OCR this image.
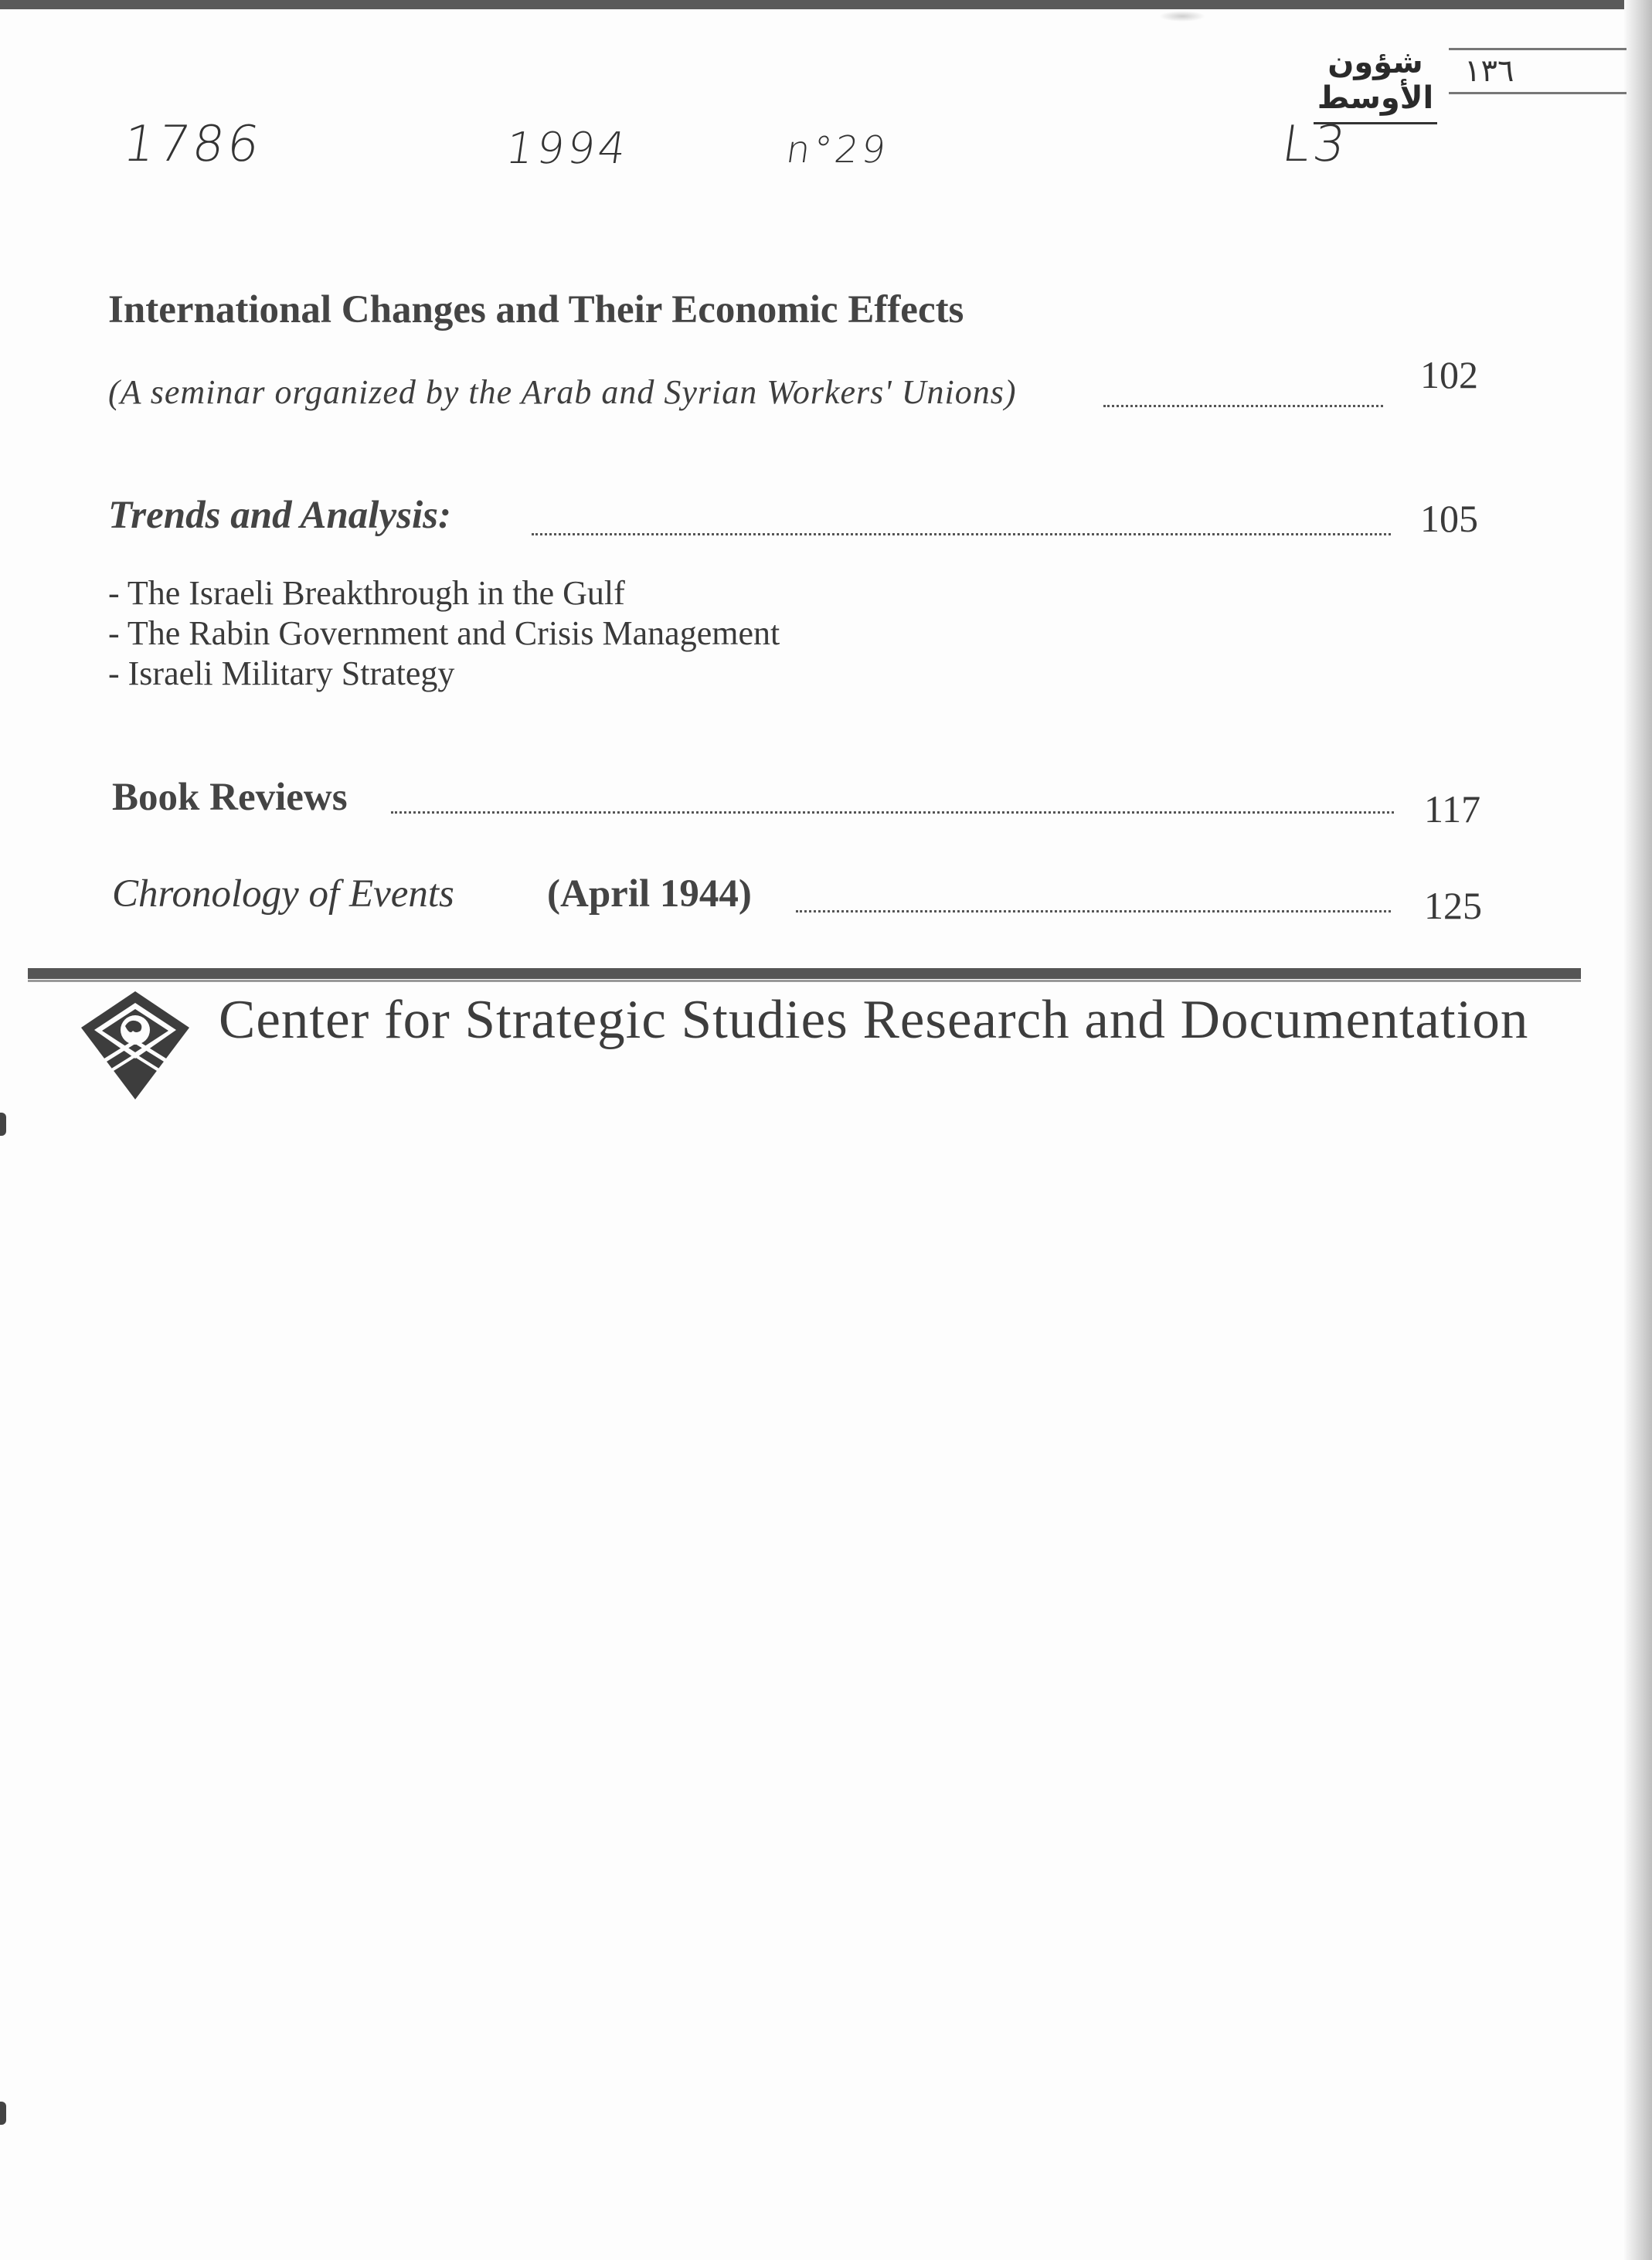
1786	1994	n°29	L3
شؤون الأوسط
١٣٦
International Changes and Their Economic Effects
(A seminar organized by the Arab and Syrian Workers' Unions)	102
Trends and Analysis:	105
- The Israeli Breakthrough in the Gulf
- The Rabin Government and Crisis Management
- Israeli Military Strategy
Book Reviews	117
Chronology of Events (April 1944)	125
Center for Strategic Studies Research and Documentation
